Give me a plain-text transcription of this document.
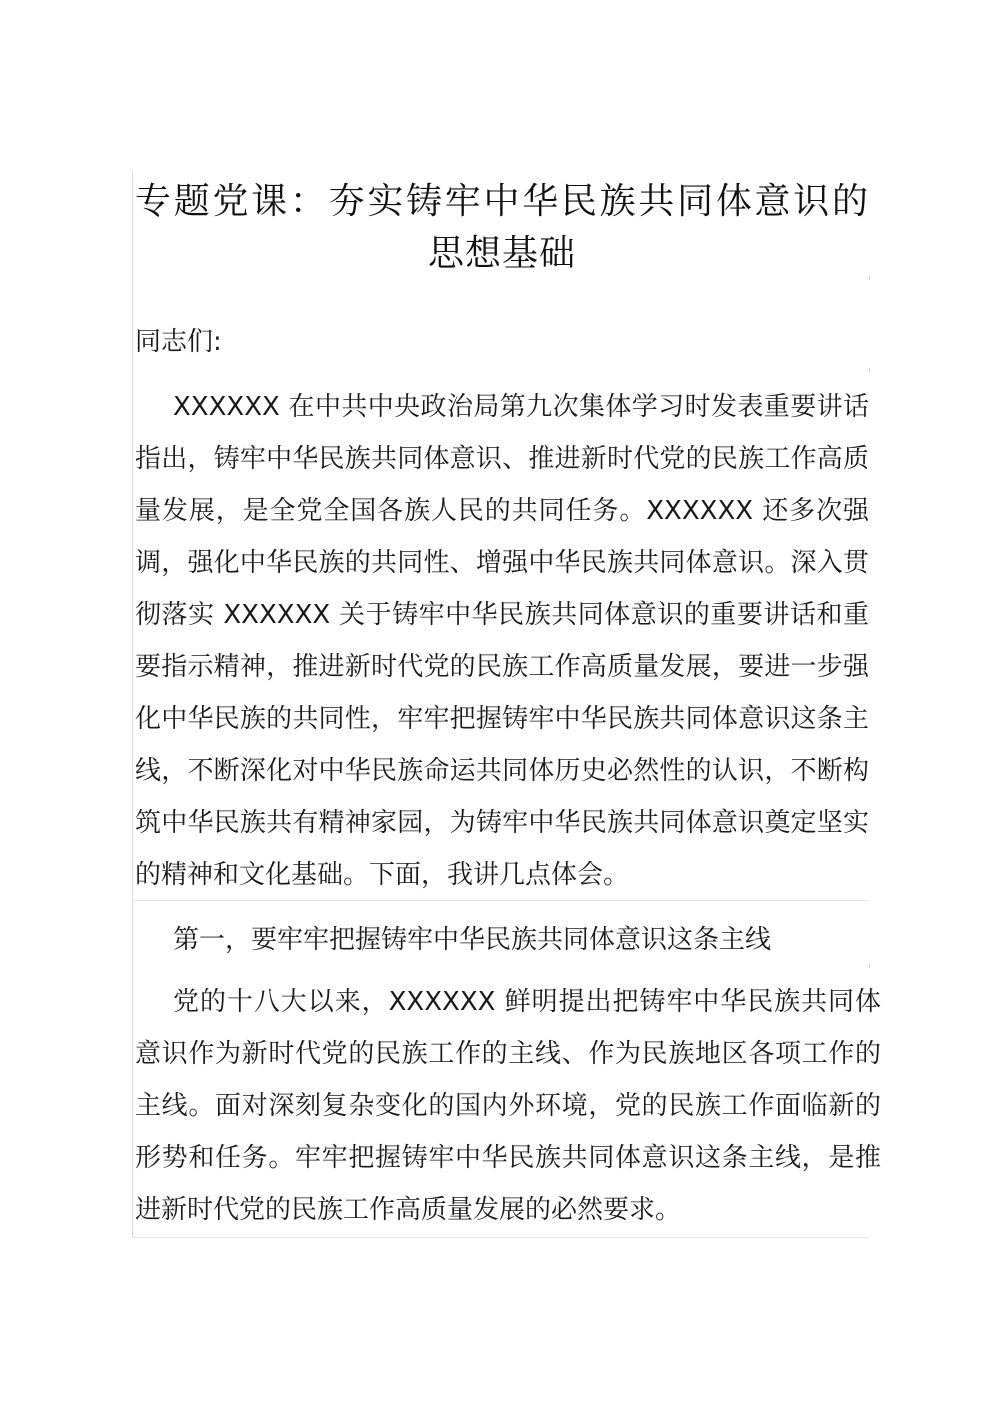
专题党课：夯实铸牢中华民族共同体意识的思想基础

同志们:

XXXXXX 在中共中央政治局第九次集体学习时发表重要讲话指出，铸牢中华民族共同体意识、推进新时代党的民族工作高质量发展，是全党全国各族人民的共同任务。XXXXXX 还多次强调，强化中华民族的共同性、增强中华民族共同体意识。深入贯彻落实 XXXXXX 关于铸牢中华民族共同体意识的重要讲话和重要指示精神，推进新时代党的民族工作高质量发展，要进一步强化中华民族的共同性，牢牢把握铸牢中华民族共同体意识这条主线，不断深化对中华民族命运共同体历史必然性的认识，不断构筑中华民族共有精神家园，为铸牢中华民族共同体意识奠定坚实的精神和文化基础。下面，我讲几点体会。

第一，要牢牢把握铸牢中华民族共同体意识这条主线

党的十八大以来，XXXXXX 鲜明提出把铸牢中华民族共同体意识作为新时代党的民族工作的主线、作为民族地区各项工作的主线。面对深刻复杂变化的国内外环境，党的民族工作面临新的形势和任务。牢牢把握铸牢中华民族共同体意识这条主线，是推进新时代党的民族工作高质量发展的必然要求。
